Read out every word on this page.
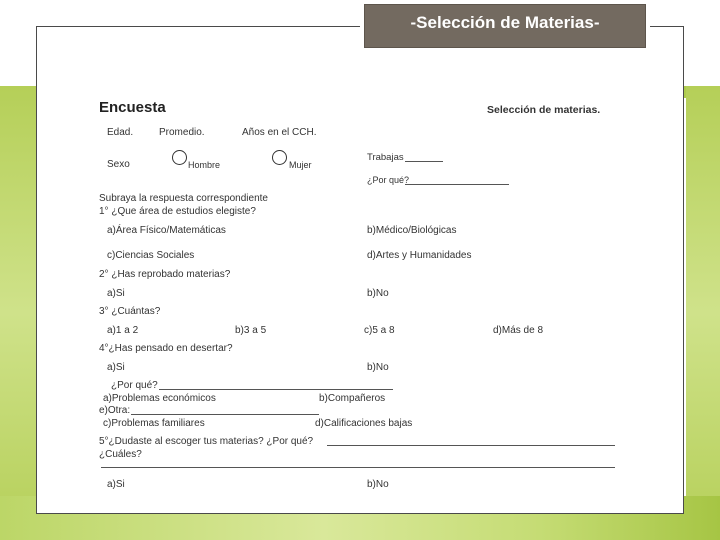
Encuesta	Selección de materias.
Edad.	Promedio.	Años en el CCH.
Sexo	Hombre	Mujer
Trabajas
¿Por qué?
Subraya la respuesta correspondiente
1° ¿Que área de estudios elegiste?
a)Área Físico/Matemáticas	b)Médico/Biológicas
c)Ciencias Sociales	d)Artes y Humanidades
2° ¿Has reprobado materias?
a)Si	b)No
3° ¿Cuántas?
a)1 a 2	b)3 a 5	c)5 a 8	d)Más de 8
4°¿Has pensado en desertar?
a)Si	b)No
¿Por qué?
a)Problemas económicos	b)Compañeros
e)Otra:
c)Problemas familiares	d)Calificaciones bajas
5°¿Dudaste al escoger tus materias? ¿Por qué?
¿Cuáles?
a)Si	b)No
-Selección de Materias-
